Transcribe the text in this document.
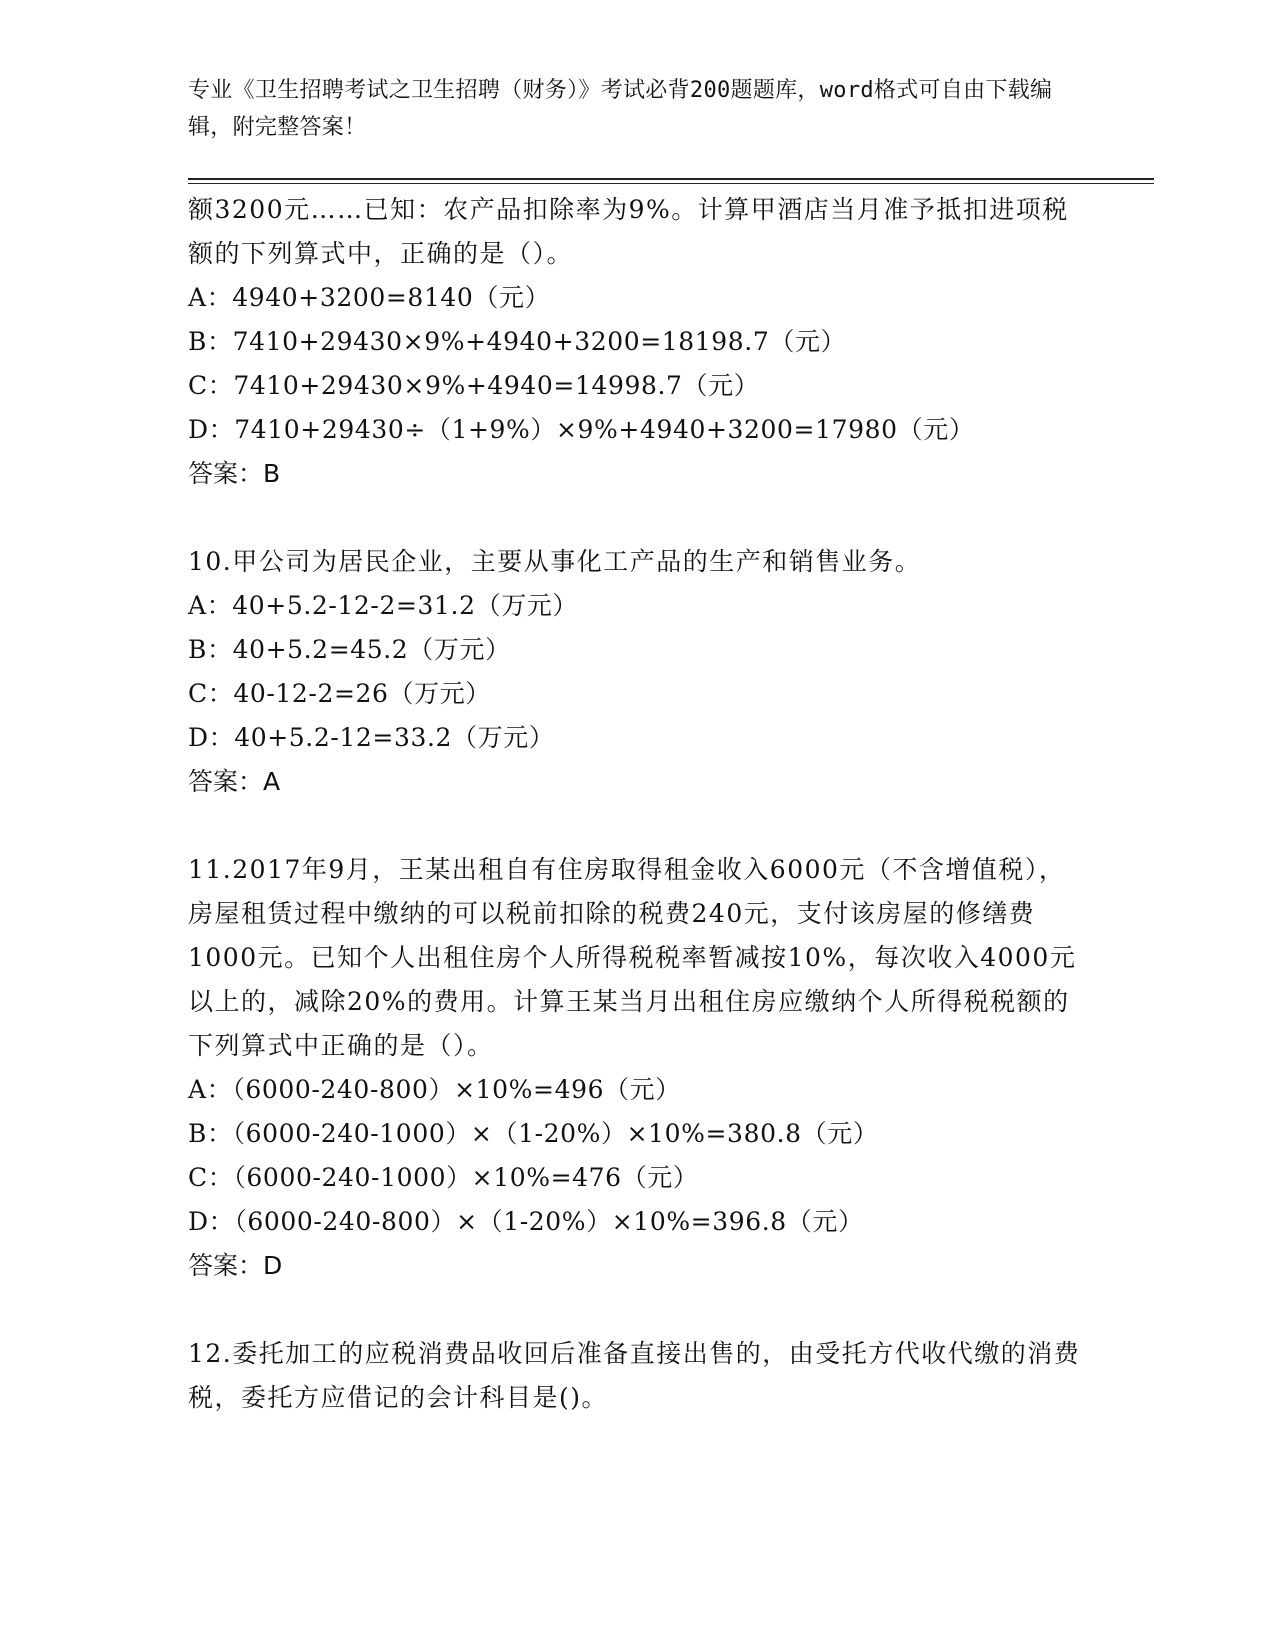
专业《卫生招聘考试之卫生招聘（财务）》考试必背200题题库，word格式可自由下载编辑，附完整答案！

额3200元……已知：农产品扣除率为9%。计算甲酒店当月准予抵扣进项税额的下列算式中，正确的是（）。

A：4940+3200=8140（元）
B：7410+29430×9%+4940+3200=18198.7（元）
C：7410+29430×9%+4940=14998.7（元）
D：7410+29430÷（1+9%）×9%+4940+3200=17980（元）
答案：B

10.甲公司为居民企业，主要从事化工产品的生产和销售业务。

A：40+5.2-12-2=31.2（万元）
B：40+5.2=45.2（万元）
C：40-12-2=26（万元）
D：40+5.2-12=33.2（万元）
答案：A

11.2017年9月，王某出租自有住房取得租金收入6000元（不含增值税），房屋租赁过程中缴纳的可以税前扣除的税费240元，支付该房屋的修缮费1000元。已知个人出租住房个人所得税税率暂减按10%，每次收入4000元以上的，减除20%的费用。计算王某当月出租住房应缴纳个人所得税税额的下列算式中正确的是（）。

A：（6000-240-800）×10%=496（元）
B：（6000-240-1000）×（1-20%）×10%=380.8（元）
C：（6000-240-1000）×10%=476（元）
D：（6000-240-800）×（1-20%）×10%=396.8（元）
答案：D

12.委托加工的应税消费品收回后准备直接出售的，由受托方代收代缴的消费税，委托方应借记的会计科目是()。
